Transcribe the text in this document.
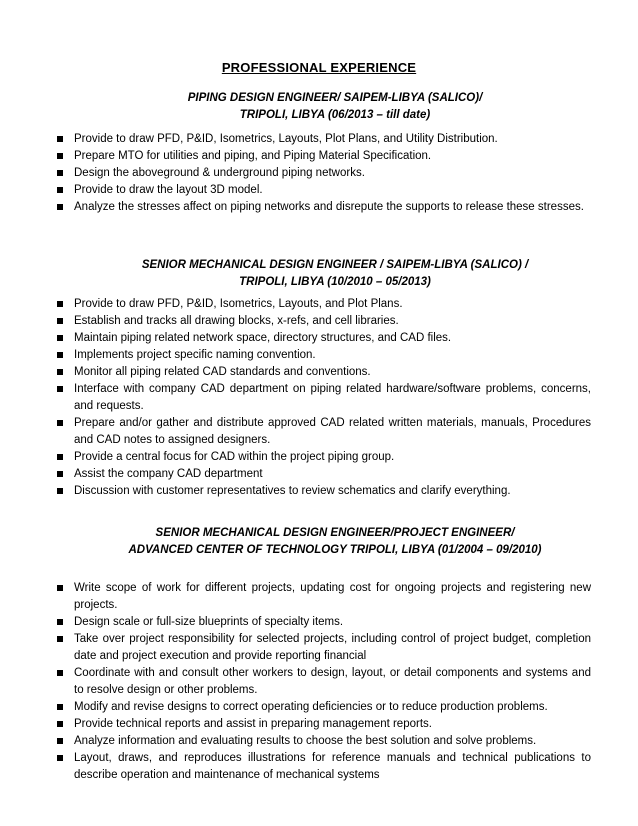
PROFESSIONAL EXPERIENCE
PIPING DESIGN ENGINEER/ SAIPEM-LIBYA (SALICO)/
TRIPOLI, LIBYA (06/2013 – till date)
Provide to draw PFD, P&ID, Isometrics, Layouts, Plot Plans, and Utility Distribution.
Prepare MTO for utilities and piping, and Piping Material Specification.
Design the aboveground & underground piping networks.
Provide to draw the layout 3D model.
Analyze the stresses affect on piping networks and disrepute the supports to release these stresses.
SENIOR MECHANICAL DESIGN ENGINEER / SAIPEM-LIBYA (SALICO) /
TRIPOLI, LIBYA (10/2010 – 05/2013)
Provide to draw PFD, P&ID, Isometrics, Layouts, and Plot Plans.
Establish and tracks all drawing blocks, x-refs, and cell libraries.
Maintain piping related network space, directory structures, and CAD files.
Implements project specific naming convention.
Monitor all piping related CAD standards and conventions.
Interface with company CAD department on piping related hardware/software problems, concerns, and requests.
Prepare and/or gather and distribute approved CAD related written materials, manuals, Procedures and CAD notes to assigned designers.
Provide a central focus for CAD within the project piping group.
Assist the company CAD department
Discussion with customer representatives to review schematics and clarify everything.
SENIOR MECHANICAL DESIGN ENGINEER/PROJECT ENGINEER/
ADVANCED CENTER OF TECHNOLOGY TRIPOLI, LIBYA (01/2004 – 09/2010)
Write scope of work for different projects, updating cost for ongoing projects and registering new projects.
Design scale or full-size blueprints of specialty items.
Take over project responsibility for selected projects, including control of project budget, completion date and project execution and provide reporting financial
Coordinate with and consult other workers to design, layout, or detail components and systems and to resolve design or other problems.
Modify and revise designs to correct operating deficiencies or to reduce production problems.
Provide technical reports and assist in preparing management reports.
Analyze information and evaluating results to choose the best solution and solve problems.
Layout, draws, and reproduces illustrations for reference manuals and technical publications to describe operation and maintenance of mechanical systems
